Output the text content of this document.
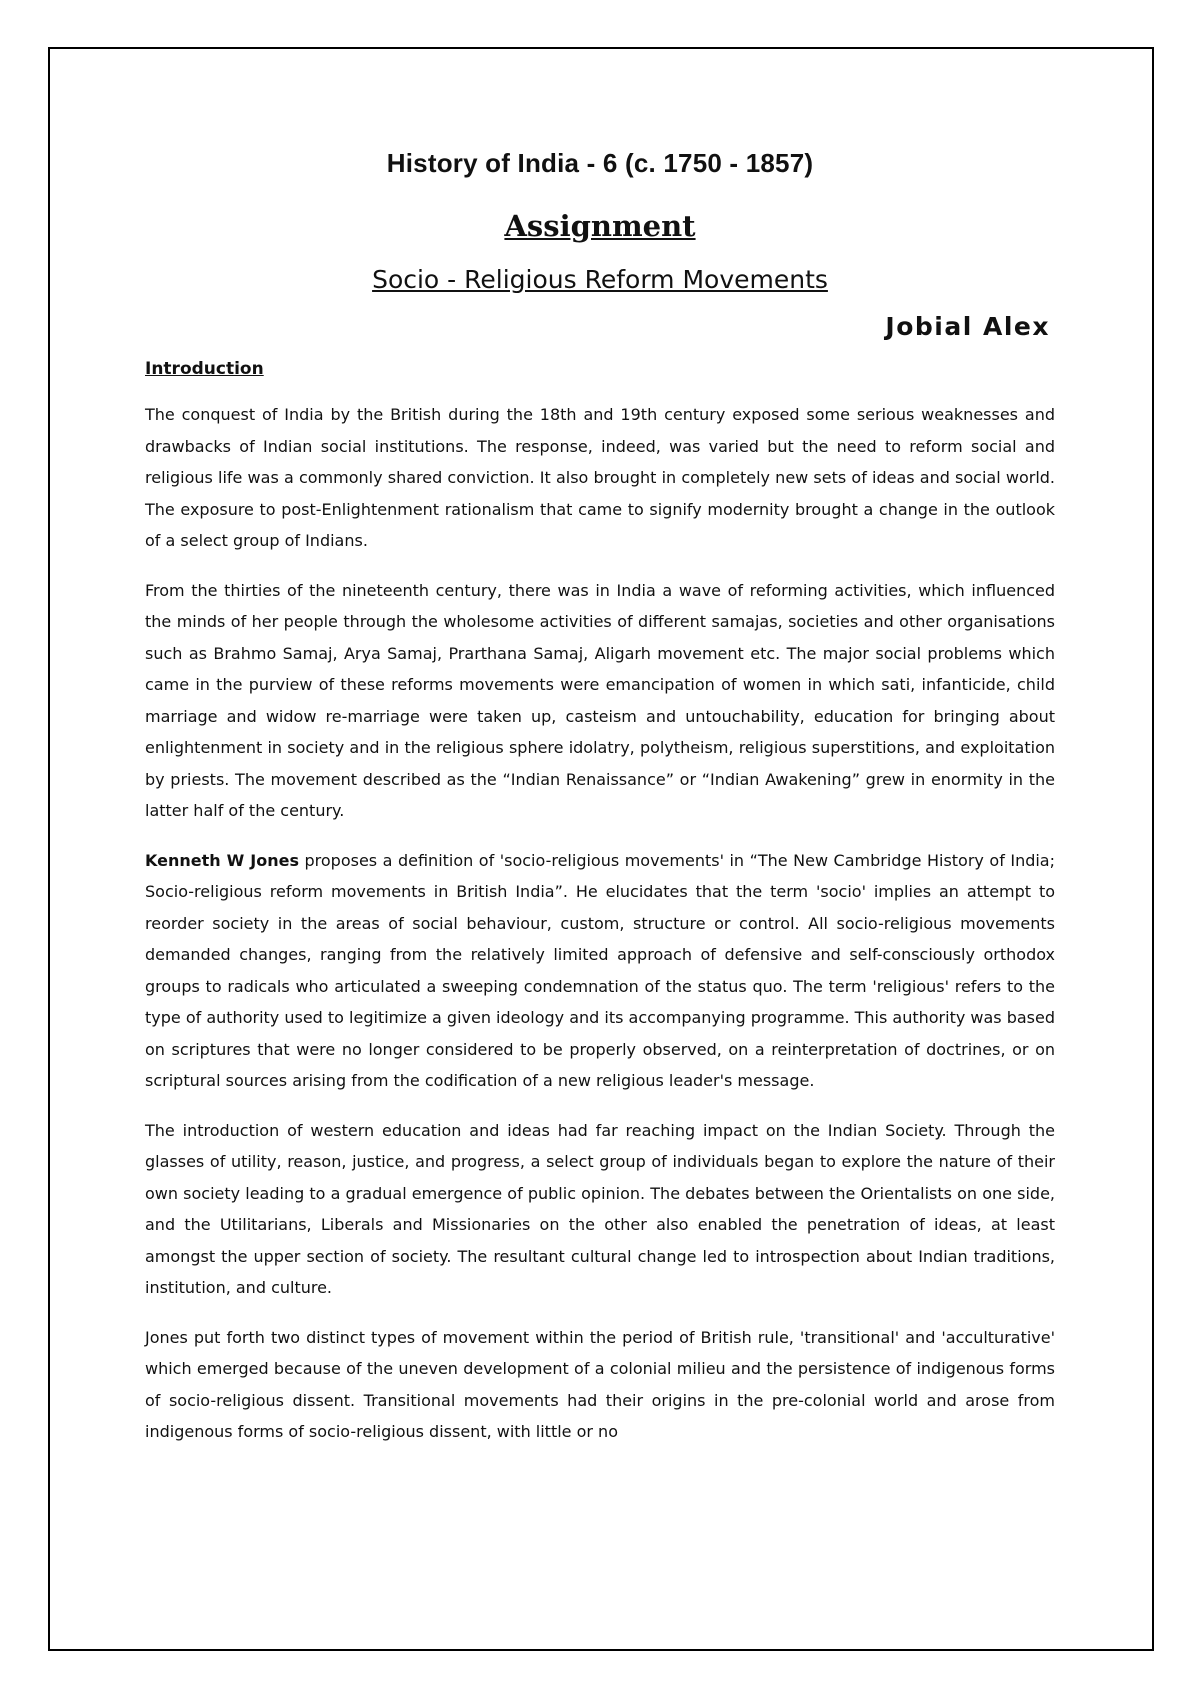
History of India - 6 (c. 1750 - 1857)
Assignment
Socio - Religious Reform Movements
Jobial Alex
Introduction

The conquest of India by the British during the 18th and 19th century exposed some serious weaknesses and drawbacks of Indian social institutions. The response, indeed, was varied but the need to reform social and religious life was a commonly shared conviction. It also brought in completely new sets of ideas and social world. The exposure to post-Enlightenment rationalism that came to signify modernity brought a change in the outlook of a select group of Indians.

From the thirties of the nineteenth century, there was in India a wave of reforming activities, which influenced the minds of her people through the wholesome activities of different samajas, societies and other organisations such as Brahmo Samaj, Arya Samaj, Prarthana Samaj, Aligarh movement etc. The major social problems which came in the purview of these reforms movements were emancipation of women in which sati, infanticide, child marriage and widow re-marriage were taken up, casteism and untouchability, education for bringing about enlightenment in society and in the religious sphere idolatry, polytheism, religious superstitions, and exploitation by priests. The movement described as the “Indian Renaissance” or “Indian Awakening” grew in enormity in the latter half of the century.

Kenneth W Jones proposes a definition of 'socio-religious movements' in “The New Cambridge History of India; Socio-religious reform movements in British India”. He elucidates that the term 'socio' implies an attempt to reorder society in the areas of social behaviour, custom, structure or control. All socio-religious movements demanded changes, ranging from the relatively limited approach of defensive and self-consciously orthodox groups to radicals who articulated a sweeping condemnation of the status quo. The term 'religious' refers to the type of authority used to legitimize a given ideology and its accompanying programme. This authority was based on scriptures that were no longer considered to be properly observed, on a reinterpretation of doctrines, or on scriptural sources arising from the codification of a new religious leader's message.

The introduction of western education and ideas had far reaching impact on the Indian Society. Through the glasses of utility, reason, justice, and progress, a select group of individuals began to explore the nature of their own society leading to a gradual emergence of public opinion. The debates between the Orientalists on one side, and the Utilitarians, Liberals and Missionaries on the other also enabled the penetration of ideas, at least amongst the upper section of society. The resultant cultural change led to introspection about Indian traditions, institution, and culture.

Jones put forth two distinct types of movement within the period of British rule, 'transitional' and 'acculturative' which emerged because of the uneven development of a colonial milieu and the persistence of indigenous forms of socio-religious dissent. Transitional movements had their origins in the pre-colonial world and arose from indigenous forms of socio-religious dissent, with little or no
